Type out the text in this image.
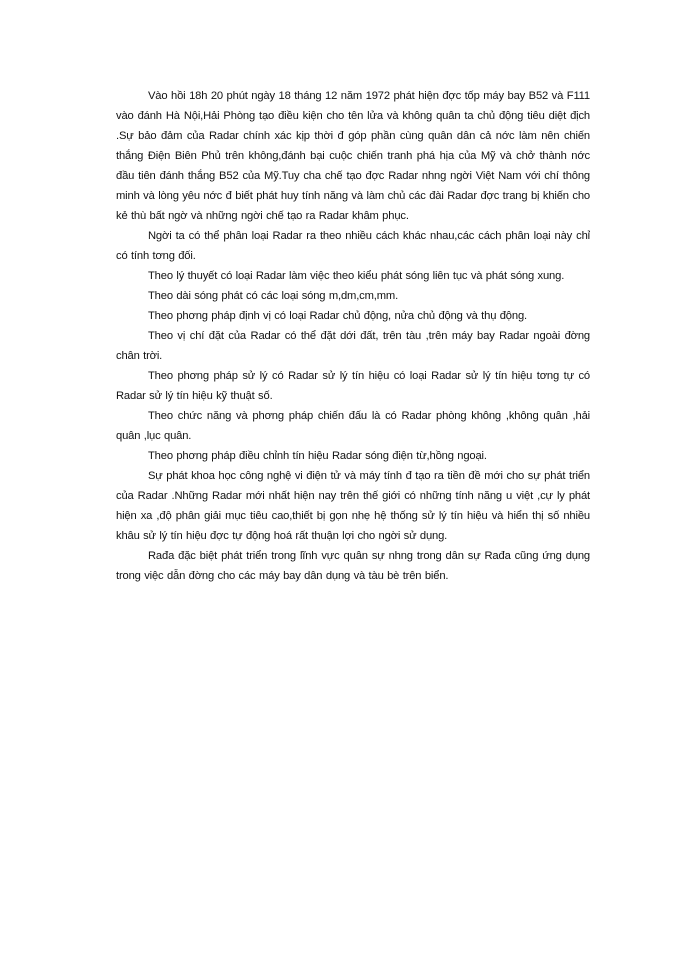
Vào hồi 18h 20 phút ngày 18 tháng 12 năm 1972 phát hiện đợc tốp máy bay B52 và F111 vào đánh Hà Nội,Hải Phòng tạo điều kiện cho tên lửa và không quân ta chủ động tiêu diệt địch .Sự bảo đảm của Radar chính xác kịp thời đ góp phần cùng quân dân cả nớc làm nên chiến thắng Điện Biên Phủ trên không,đánh bại cuộc chiến tranh phá hịa của Mỹ và chở thành nớc đầu tiên đánh thắng B52 của Mỹ.Tuy cha chế tạo đợc Radar nhng ngời Việt Nam với chí thông minh và lòng yêu nớc đ biết phát huy tính năng và làm chủ các đài Radar đợc trang bị khiến cho kẻ thù bất ngờ và những ngời chế tạo ra Radar khâm phục.

Ngời ta có thể phân loại Radar ra theo nhiều cách khác nhau,các cách phân loại này chỉ có tính tơng đối.

Theo lý thuyết có loại Radar làm việc theo kiểu phát sóng liên tục và phát sóng xung.

Theo dài sóng phát có các loại sóng m,dm,cm,mm.

Theo phơng pháp định vị có loại Radar chủ động, nửa chủ động và thụ động.

Theo vị chí đặt của Radar có thể đặt dới đất, trên tàu ,trên máy bay Radar ngoài đờng chân trời.

Theo phơng pháp sử lý có Radar sử lý tín hiệu có loại Radar sử lý tín hiệu tơng tự có Radar sử lý tín hiệu kỹ thuật số.

Theo chức năng và phơng pháp chiến đấu là có Radar phòng không ,không quân ,hải quân ,lục quân.

Theo phơng pháp điều chỉnh tín hiệu Radar sóng điện từ,hồng ngoại.

Sự phát khoa học công nghệ vi điện tử và máy tính đ tạo ra tiền đề mới cho sự phát triển của Radar .Những Radar mới nhất hiện nay trên thế giới có những tính năng u việt ,cự ly phát hiện xa ,độ phân giải mục tiêu cao,thiết bị gọn nhẹ hệ thống sử lý tín hiệu và hiển thị số nhiều khâu sử lý tín hiệu đợc tự động hoá rất thuận lợi cho ngời sử dụng.

Rađa đặc biệt phát triển trong lĩnh vực quân sự nhng trong dân sự Rađa cũng ứng dụng trong việc dẫn đờng cho các máy bay dân dụng và tàu bè trên biển.
